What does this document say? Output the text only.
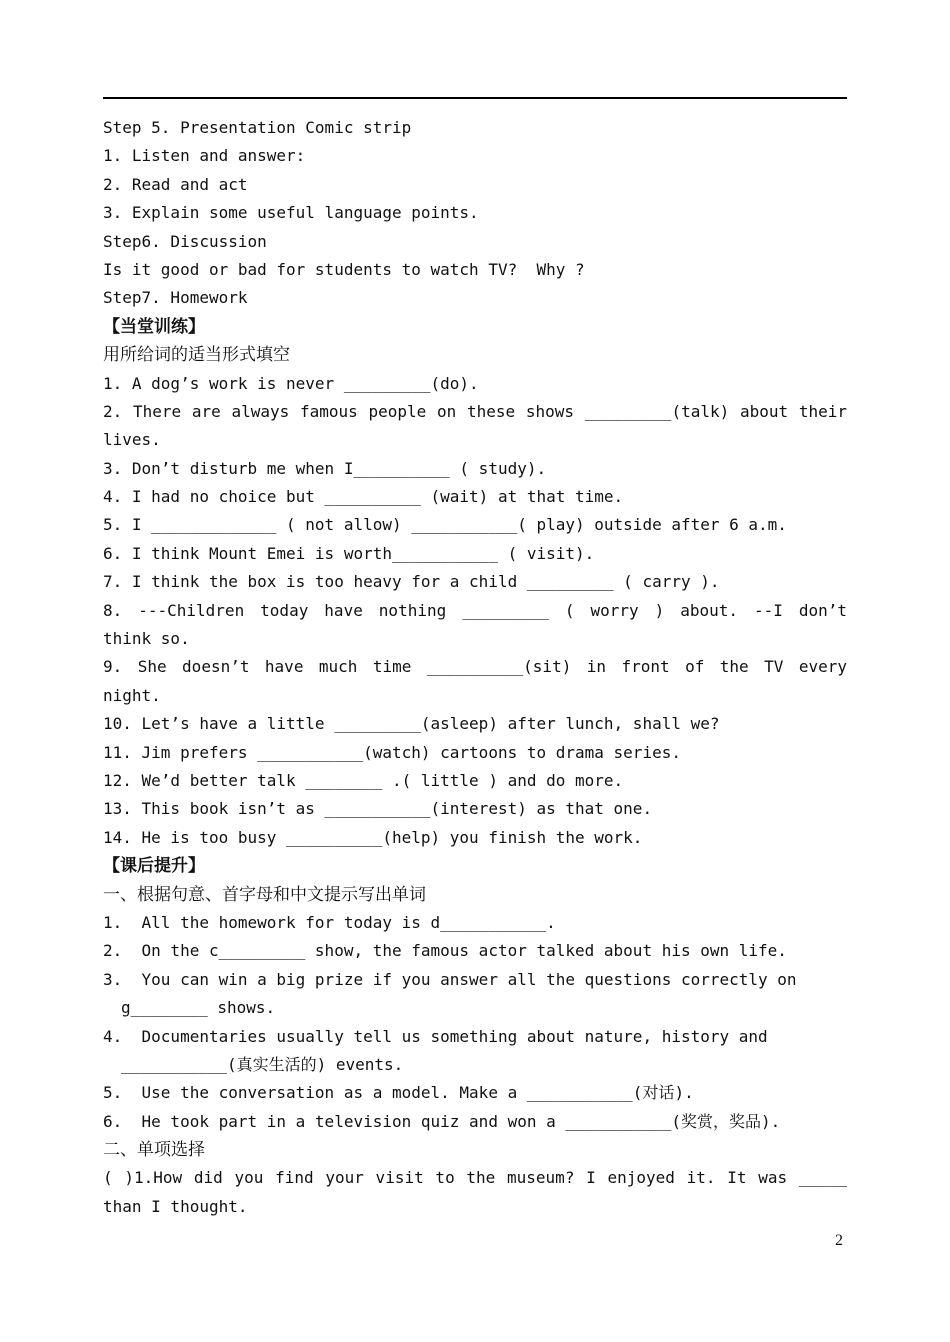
Step 5. Presentation Comic strip
1. Listen and answer:
2. Read and act
3. Explain some useful language points.
Step6. Discussion
Is it good or bad for students to watch TV?  Why ?
Step7. Homework
【当堂训练】
用所给词的适当形式填空
1. A dog’s work is never _________(do).
2. There are always famous people on these shows _________(talk) about their
lives.
3. Don’t disturb me when I__________ ( study).
4. I had no choice but __________ (wait) at that time.
5. I _____________ ( not allow) ___________( play) outside after 6 a.m.
6. I think Mount Emei is worth___________ ( visit).
7. I think the box is too heavy for a child _________ ( carry ).
8. ---Children today have nothing _________ ( worry ) about. --I don’t
think so.
9. She doesn’t have much time __________(sit) in front of the TV every
night.
10. Let’s have a little _________(asleep) after lunch, shall we?
11. Jim prefers ___________(watch) cartoons to drama series.
12. We’d better talk ________ .( little ) and do more.
13. This book isn’t as ___________(interest) as that one.
14. He is too busy __________(help) you finish the work.
【课后提升】
一、根据句意、首字母和中文提示写出单词
1.  All the homework for today is d___________.
2.  On the c_________ show, the famous actor talked about his own life.
3.  You can win a big prize if you answer all the questions correctly on
g________ shows.
4.  Documentaries usually tell us something about nature, history and
___________(真实生活的) events.
5.  Use the conversation as a model. Make a ___________(对话).
6.  He took part in a television quiz and won a ___________(奖赏，奖品).
二、单项选择
( )1.How did you find your visit to the museum? I enjoyed it. It was _____
than I thought.
2
